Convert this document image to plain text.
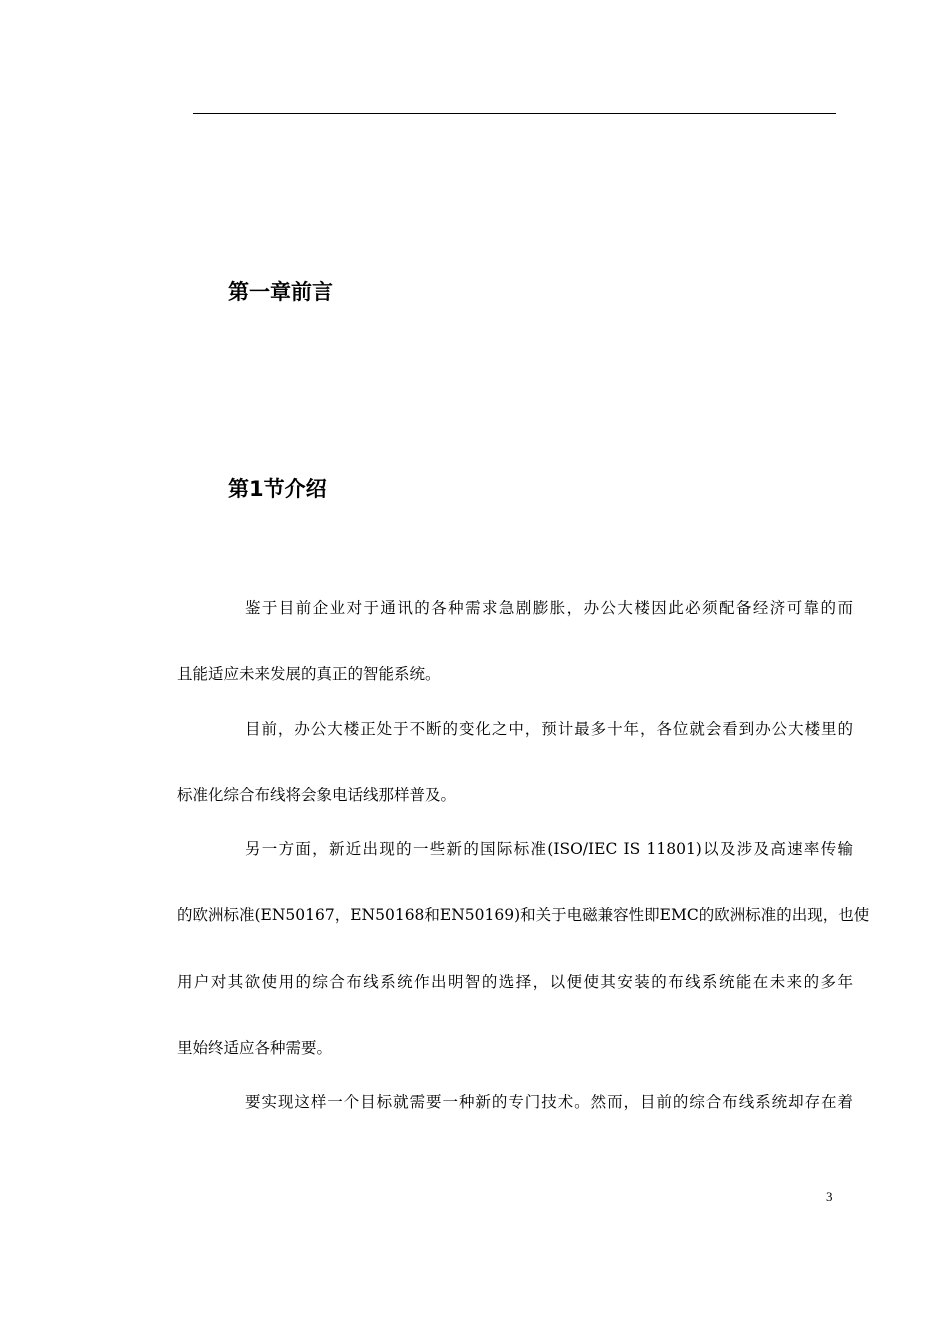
第一章前言
第1节介绍
鉴于目前企业对于通讯的各种需求急剧膨胀，办公大楼因此必须配备经济可靠的而
且能适应未来发展的真正的智能系统。
目前，办公大楼正处于不断的变化之中，预计最多十年，各位就会看到办公大楼里的
标准化综合布线将会象电话线那样普及。
另一方面，新近出现的一些新的国际标准(ISO/IEC IS 11801)以及涉及高速率传输
的欧洲标准(EN50167，EN50168和EN50169)和关于电磁兼容性即EMC的欧洲标准的出现，也使
用户对其欲使用的综合布线系统作出明智的选择，以便使其安装的布线系统能在未来的多年
里始终适应各种需要。
要实现这样一个目标就需要一种新的专门技术。然而，目前的综合布线系统却存在着
3
